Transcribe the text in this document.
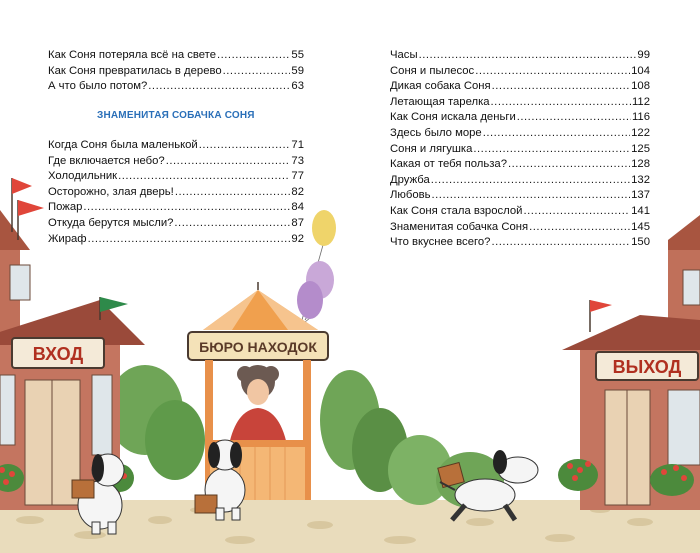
ВХОД	БЮРО НАХОДОК
ВЫХОД
Как Соня потеряла всё на свете .....	55
Как Соня превратилась в дерево .....	59
А что было потом? .....	63
ЗНАМЕНИТАЯ СОБАЧКА СОНЯ
Когда Соня была маленькой .....	71
Где включается небо? .....	73
Холодильник .....	77
Осторожно, злая дверь! .....	82
Пожар .....	84
Откуда берутся мысли? .....	87
Жираф .....	92
Часы .....	99
Соня и пылесос .....	104
Дикая собака Соня .....	108
Летающая тарелка .....	112
Как Соня искала деньги .....	116
Здесь было море .....	122
Соня и лягушка .....	125
Какая от тебя польза? .....	128
Дружба .....	132
Любовь .....	137
Как Соня стала взрослой .....	141
Знаменитая собачка Соня .....	145
Что вкуснее всего? .....	150
